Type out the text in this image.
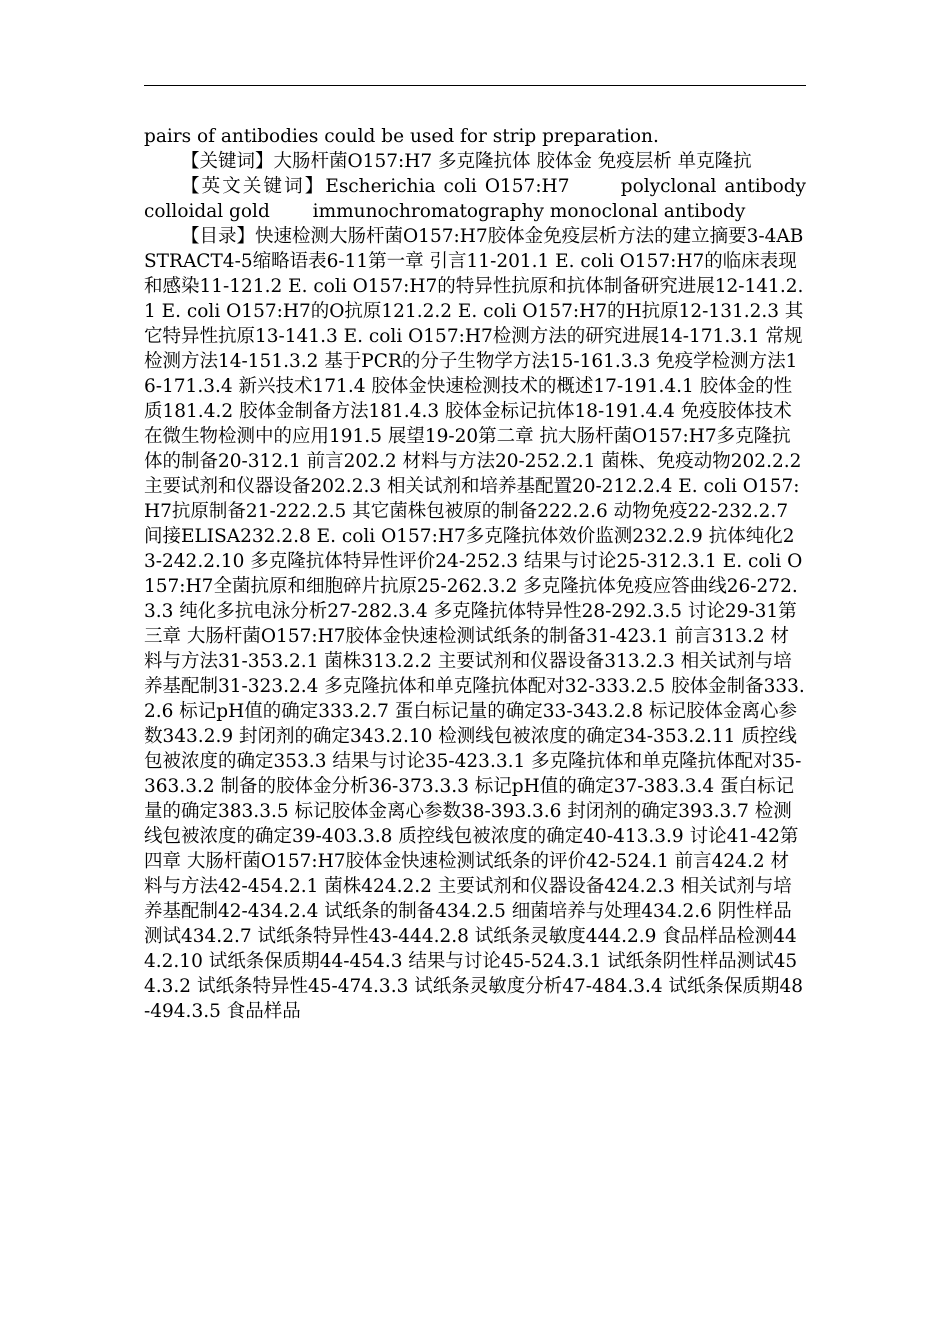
pairs of antibodies could be used for strip preparation.

【关键词】大肠杆菌O157:H7 多克隆抗体 胶体金 免疫层析 单克隆抗

【英文关键词】Escherichia coli O157:H7　　 polyclonal antibody　　 colloidal gold　　 immunochromatography monoclonal antibody

【目录】快速检测大肠杆菌O157:H7胶体金免疫层析方法的建立摘要3-4ABSTRACT4-5缩略语表6-11第一章 引言11-201.1 E. coli O157:H7的临床表现和感染11-121.2 E. coli O157:H7的特异性抗原和抗体制备研究进展12-141.2.1 E. coli O157:H7的O抗原121.2.2 E. coli O157:H7的H抗原12-131.2.3 其它特异性抗原13-141.3 E. coli O157:H7检测方法的研究进展14-171.3.1 常规检测方法14-151.3.2 基于PCR的分子生物学方法15-161.3.3 免疫学检测方法16-171.3.4 新兴技术171.4 胶体金快速检测技术的概述17-191.4.1 胶体金的性质181.4.2 胶体金制备方法181.4.3 胶体金标记抗体18-191.4.4 免疫胶体技术在微生物检测中的应用191.5 展望19-20第二章 抗大肠杆菌O157:H7多克隆抗体的制备20-312.1 前言202.2 材料与方法20-252.2.1 菌株、免疫动物202.2.2 主要试剂和仪器设备202.2.3 相关试剂和培养基配置20-212.2.4 E. coli O157:H7抗原制备21-222.2.5 其它菌株包被原的制备222.2.6 动物免疫22-232.2.7 间接ELISA232.2.8 E. coli O157:H7多克隆抗体效价监测232.2.9 抗体纯化23-242.2.10 多克隆抗体特异性评价24-252.3 结果与讨论25-312.3.1 E. coli O157:H7全菌抗原和细胞碎片抗原25-262.3.2 多克隆抗体免疫应答曲线26-272.3.3 纯化多抗电泳分析27-282.3.4 多克隆抗体特异性28-292.3.5 讨论29-31第三章 大肠杆菌O157:H7胶体金快速检测试纸条的制备31-423.1 前言313.2 材料与方法31-353.2.1 菌株313.2.2 主要试剂和仪器设备313.2.3 相关试剂与培养基配制31-323.2.4 多克隆抗体和单克隆抗体配对32-333.2.5 胶体金制备333.2.6 标记pH值的确定333.2.7 蛋白标记量的确定33-343.2.8 标记胶体金离心参数343.2.9 封闭剂的确定343.2.10 检测线包被浓度的确定34-353.2.11 质控线包被浓度的确定353.3 结果与讨论35-423.3.1 多克隆抗体和单克隆抗体配对35-363.3.2 制备的胶体金分析36-373.3.3 标记pH值的确定37-383.3.4 蛋白标记量的确定383.3.5 标记胶体金离心参数38-393.3.6 封闭剂的确定393.3.7 检测线包被浓度的确定39-403.3.8 质控线包被浓度的确定40-413.3.9 讨论41-42第四章 大肠杆菌O157:H7胶体金快速检测试纸条的评价42-524.1 前言424.2 材料与方法42-454.2.1 菌株424.2.2 主要试剂和仪器设备424.2.3 相关试剂与培养基配制42-434.2.4 试纸条的制备434.2.5 细菌培养与处理434.2.6 阴性样品测试434.2.7 试纸条特异性43-444.2.8 试纸条灵敏度444.2.9 食品样品检测444.2.10 试纸条保质期44-454.3 结果与讨论45-524.3.1 试纸条阴性样品测试454.3.2 试纸条特异性45-474.3.3 试纸条灵敏度分析47-484.3.4 试纸条保质期48-494.3.5 食品样品
